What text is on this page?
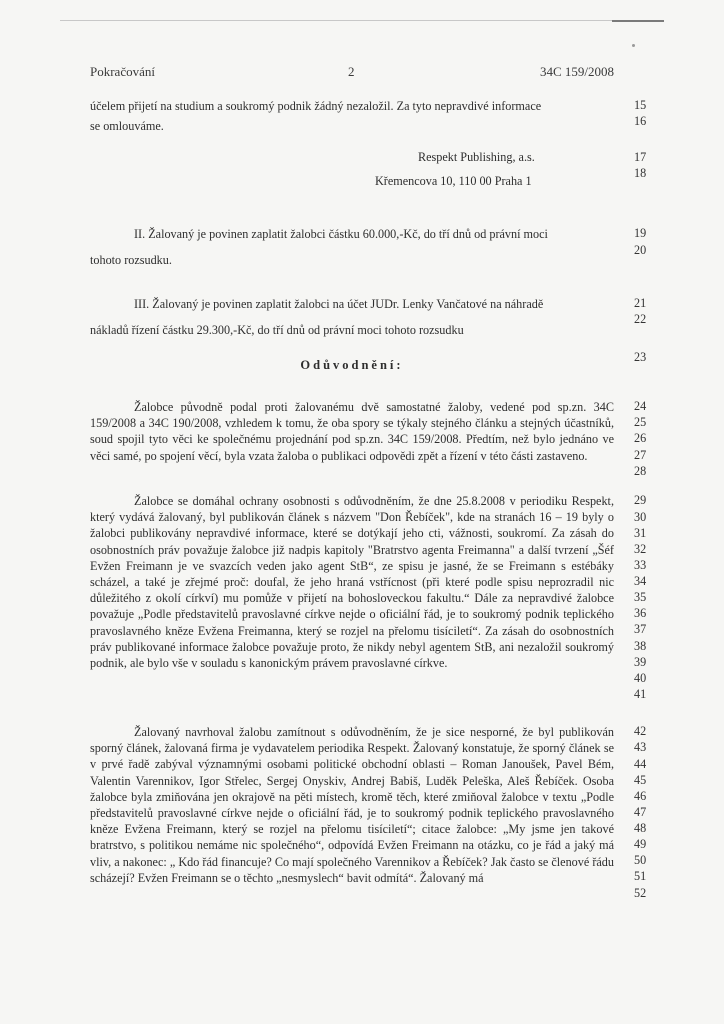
Pokračování	2	34C 159/2008

účelem přijetí na studium a soukromý podnik žádný nezaložil. Za tyto nepravdivé informace

se omlouváme.

Respekt Publishing, a.s.
Křemencova 10, 110 00 Praha 1

II. Žalovaný je povinen zaplatit žalobci částku 60.000,-Kč, do tří dnů od právní moci

tohoto rozsudku.

III. Žalovaný je povinen zaplatit žalobci na účet JUDr. Lenky Vančatové na náhradě

nákladů řízení částku 29.300,-Kč, do tří dnů od právní moci tohoto rozsudku

Odůvodnění:

Žalobce původně podal proti žalovanému dvě samostatné žaloby, vedené pod sp.zn. 34C 159/2008 a 34C 190/2008, vzhledem k tomu, že oba spory se týkaly stejného článku a stejných účastníků, soud spojil tyto věci ke společnému projednání pod sp.zn. 34C 159/2008. Předtím, než bylo jednáno ve věci samé, po spojení věcí, byla vzata žaloba o publikaci odpovědi zpět a řízení v této části zastaveno.

Žalobce se domáhal ochrany osobnosti s odůvodněním, že dne 25.8.2008 v periodiku Respekt, který vydává žalovaný, byl publikován článek s názvem "Don Řebíček", kde na stranách 16 – 19 byly o žalobci publikovány nepravdivé informace, které se dotýkají jeho cti, vážnosti, soukromí. Za zásah do osobnostních práv považuje žalobce již nadpis kapitoly "Bratrstvo agenta Freimanna" a další tvrzení „Šéf Evžen Freimann je ve svazcích veden jako agent StB“, ze spisu je jasné, že se Freimann s estébáky scházel, a také je zřejmé proč: doufal, že jeho hraná vstřícnost (při které podle spisu neprozradil nic důležitého z okolí církví) mu pomůže v přijetí na bohosloveckou fakultu.“ Dále za nepravdivé žalobce považuje „Podle představitelů pravoslavné církve nejde o oficiální řád, je to soukromý podnik teplického pravoslavného kněze Evžena Freimanna, který se rozjel na přelomu tisíciletí“. Za zásah do osobnostních práv publikované informace žalobce považuje proto, že nikdy nebyl agentem StB, ani nezaložil soukromý podnik, ale bylo vše v souladu s kanonickým právem pravoslavné církve.

Žalovaný navrhoval žalobu zamítnout s odůvodněním, že je sice nesporné, že byl publikován sporný článek, žalovaná firma je vydavatelem periodika Respekt. Žalovaný konstatuje, že sporný článek se v prvé řadě zabýval významnými osobami politické obchodní oblasti – Roman Janoušek, Pavel Bém, Valentin Varennikov, Igor Střelec, Sergej Onyskiv, Andrej Babiš, Luděk Peleška, Aleš Řebíček. Osoba žalobce byla zmiňována jen okrajově na pěti místech, kromě těch, které zmiňoval žalobce v textu „Podle představitelů pravoslavné církve nejde o oficiální řád, je to soukromý podnik teplického pravoslavného kněze Evžena Freimann, který se rozjel na přelomu tisíciletí“; citace žalobce: „My jsme jen takové bratrstvo, s politikou nemáme nic společného“, odpovídá Evžen Freimann na otázku, co je řád a jaký má vliv, a nakonec: „ Kdo řád financuje? Co mají společného Varennikov a Řebíček? Jak často se členové řádu scházejí? Evžen Freimann se o těchto „nesmyslech“ bavit odmítá“. Žalovaný má

15
16
17
18
19
20
21
22
23
24
25
26
27
28
29
30
31
32
33
34
35
36
37
38
39
40
41
42
43
44
45
46
47
48
49
50
51
52
